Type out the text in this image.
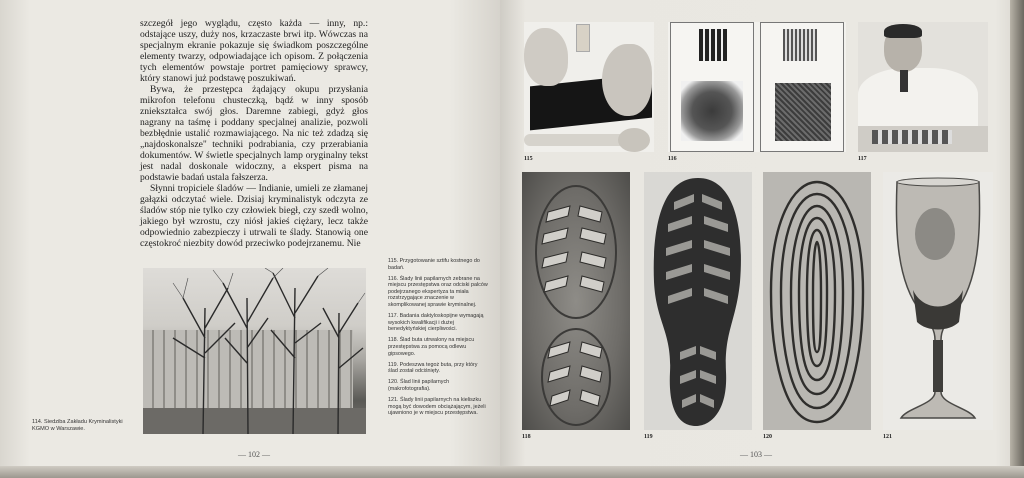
szczegół jego wyglądu, często każda — inny, np.: odstające uszy, duży nos, krzaczaste brwi itp. Wówczas na specjalnym ekranie pokazuje się świadkom poszczególne elementy twarzy, odpowiadające ich opisom. Z połączenia tych elementów powstaje portret pamięciowy sprawcy, który stanowi już podstawę poszukiwań.

Bywa, że przestępca żądający okupu przysłania mikrofon telefonu chusteczką, bądź w inny sposób zniekształca swój głos. Daremne zabiegi, gdyż głos nagrany na taśmę i poddany specjalnej analizie, pozwoli bezbłędnie ustalić rozmawiającego. Na nic też zdadzą się „najdoskonalsze" techniki podrabiania, czy przerabiania dokumentów. W świetle specjalnych lamp oryginalny tekst jest nadal doskonale widoczny, a ekspert pisma na podstawie badań ustala fałszerza.

Słynni tropiciele śladów — Indianie, umieli ze złamanej gałązki odczytać wiele. Dzisiaj kryminalistyk odczyta ze śladów stóp nie tylko czy człowiek biegł, czy szedł wolno, jakiego był wzrostu, czy niósł jakieś ciężary, lecz także odpowiednio zabezpieczy i utrwali te ślady. Stanowią one częstokroć niezbity dowód przeciwko podejrzanemu. Nie

114. Siedziba Zakładu Kryminalistyki KGMO w Warszawie.
115. Przygotowanie sztifu kostnego do badań.
116. Ślady linii papilarnych zebrane na miejscu przestępstwa oraz odciski palców podejrzanego ekspertyza ta miała rozstrzygające znaczenie w skomplikowanej sprawie kryminalnej.
117. Badania daktyloskopijne wymagają wysokich kwalifikacji i dużej benedyktyńskiej cierpliwości.
118. Ślad buta utrwalony na miejscu przestępstwa za pomocą odlewu gipsowego.
119. Podeszwa tegoż buta, przy który ślad został odciśnięty.
120. Ślad linii papilarnych (makrofotografia).
121. Ślady linii papilarnych na kieliszku mogą być dowodem obciążającym, jeżeli ujawniono je w miejscu przestępstwa.
— 102 —
115	116	117
118	119	120	121
— 103 —
